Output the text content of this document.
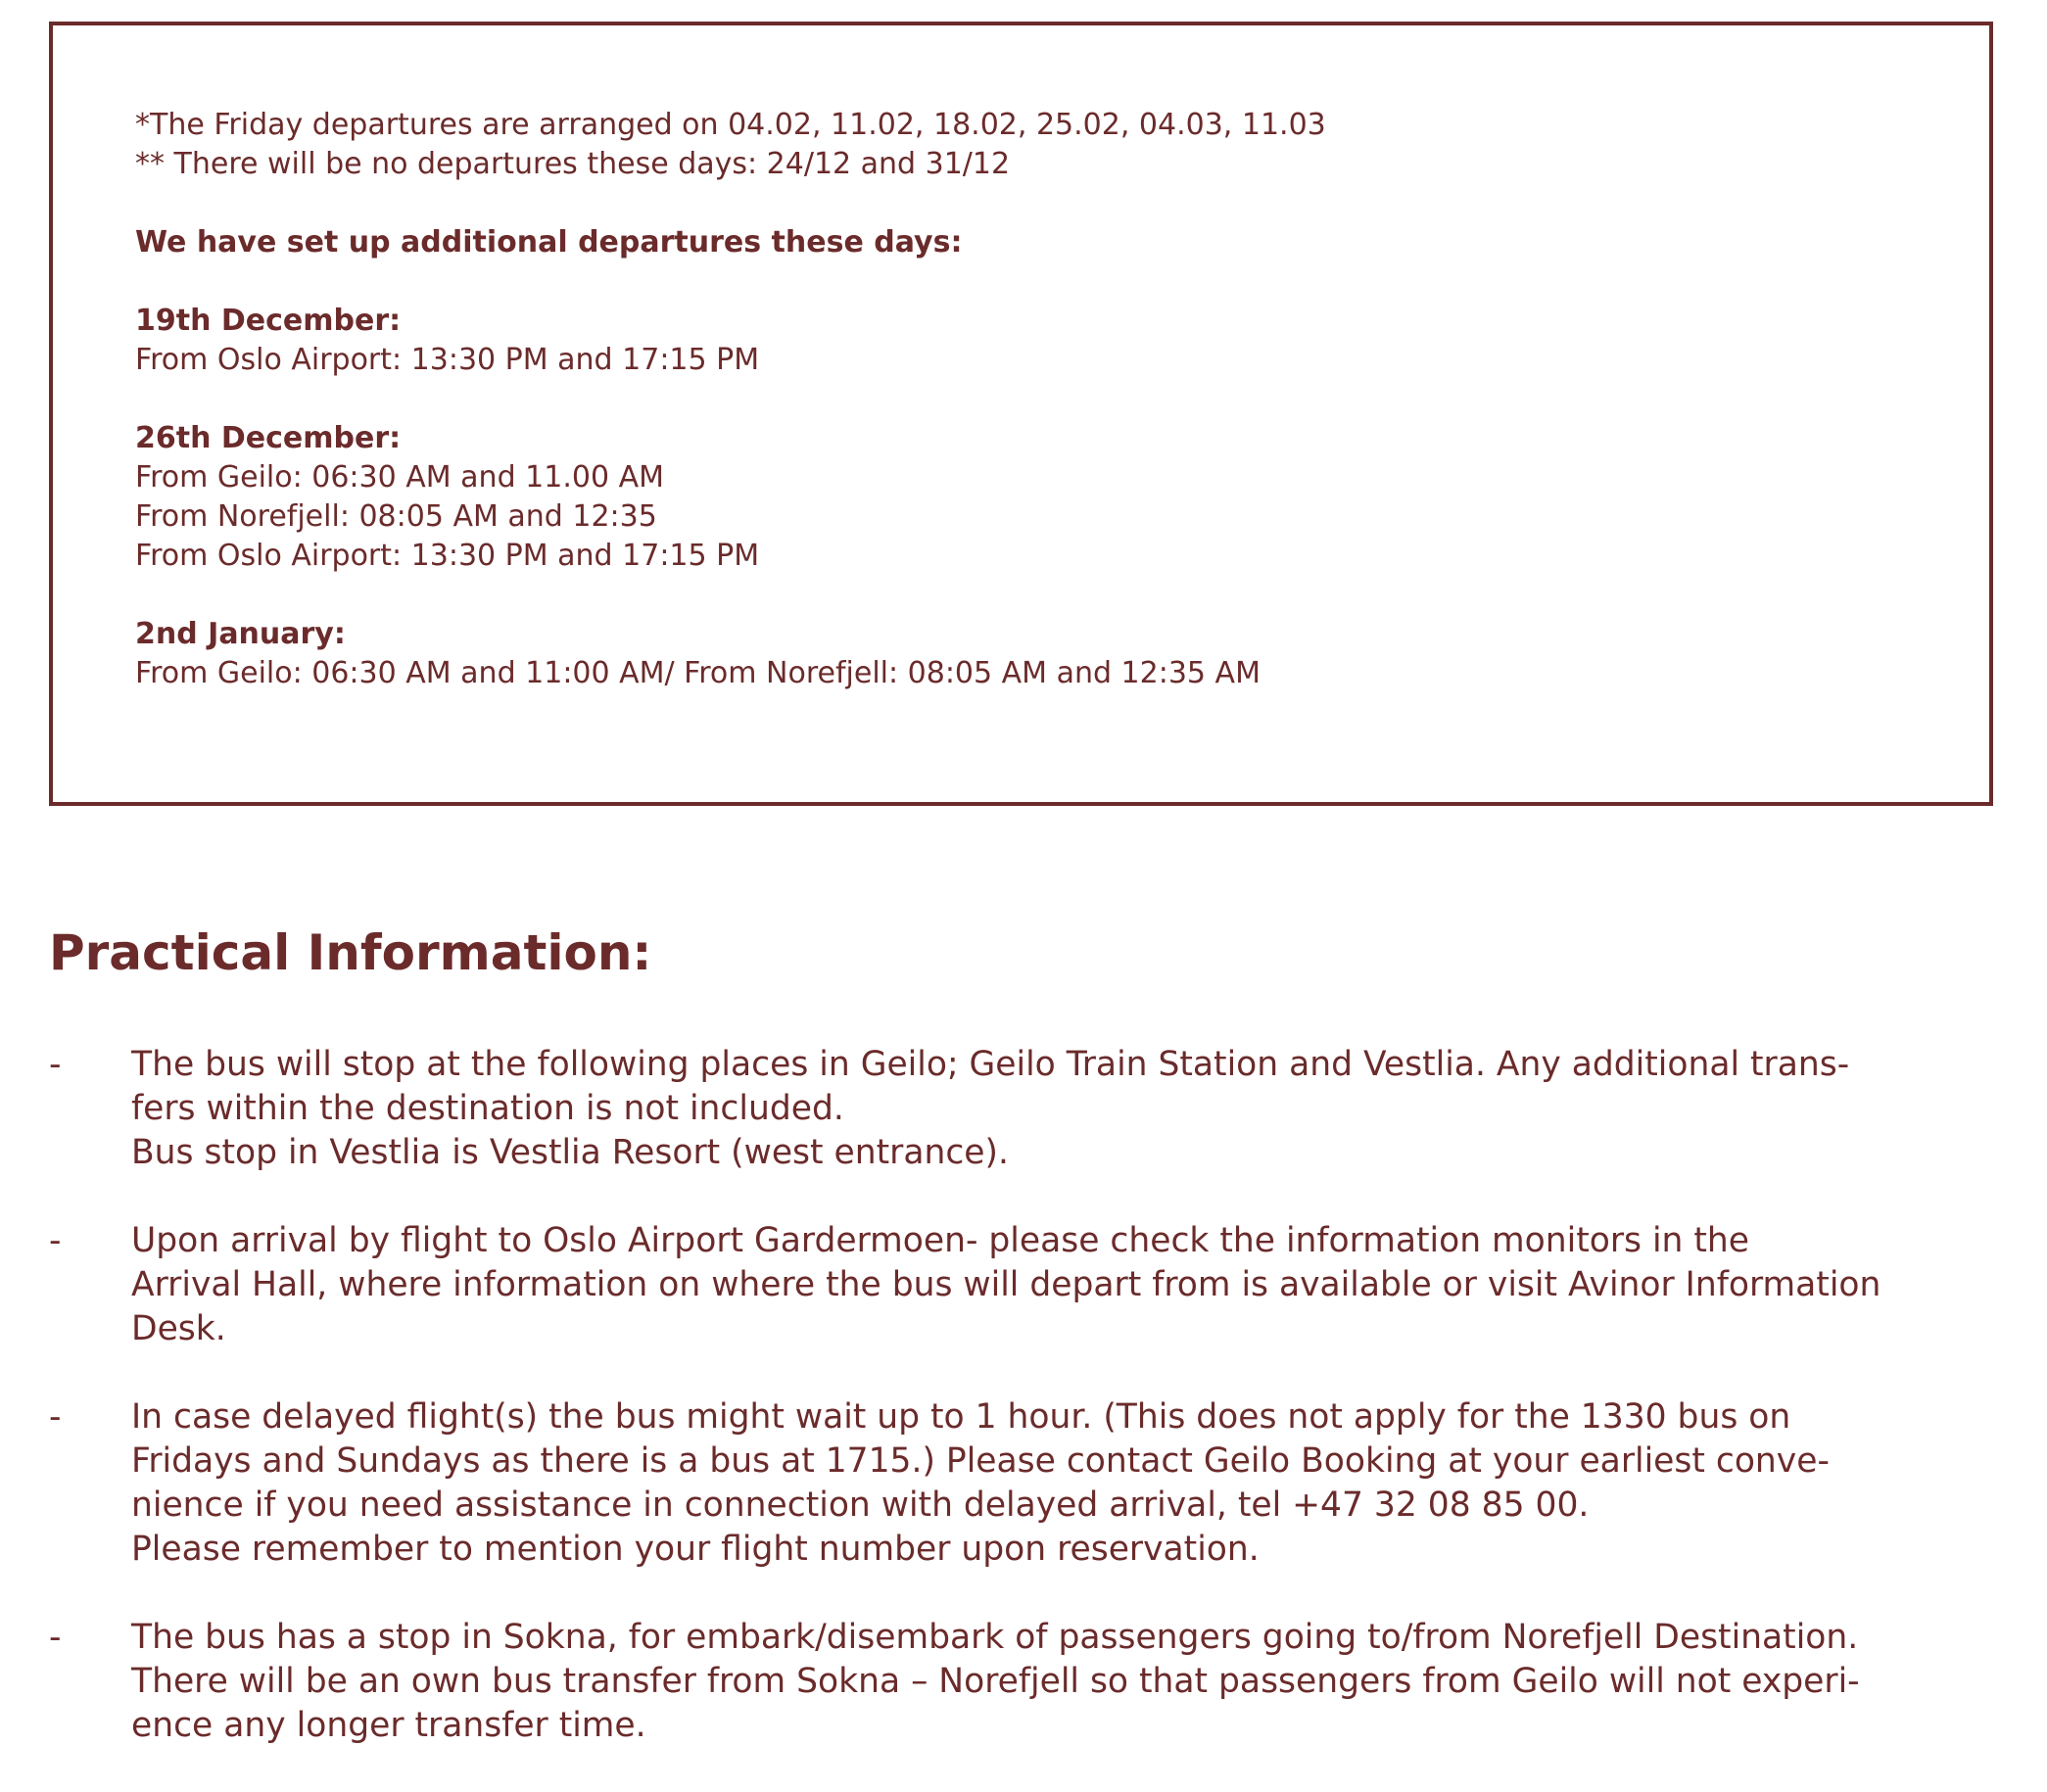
*The Friday departures are arranged on 04.02, 11.02, 18.02, 25.02, 04.03, 11.03
** There will be no departures these days: 24/12 and 31/12
We have set up additional departures these days:
19th December:
From Oslo Airport: 13:30 PM and 17:15 PM
26th December:
From Geilo: 06:30 AM and 11.00 AM
From Norefjell: 08:05 AM and 12:35
From Oslo Airport: 13:30 PM and 17:15 PM
2nd January:
From Geilo: 06:30 AM and 11:00 AM/ From Norefjell: 08:05 AM and 12:35 AM
Practical Information:
- The bus will stop at the following places in Geilo; Geilo Train Station and Vestlia. Any additional trans-
fers within the destination is not included.
Bus stop in Vestlia is Vestlia Resort (west entrance).
- Upon arrival by flight to Oslo Airport Gardermoen- please check the information monitors in the
Arrival Hall, where information on where the bus will depart from is available or visit Avinor Information
Desk.
- In case delayed flight(s) the bus might wait up to 1 hour. (This does not apply for the 1330 bus on
Fridays and Sundays as there is a bus at 1715.) Please contact Geilo Booking at your earliest conve-
nience if you need assistance in connection with delayed arrival, tel +47 32 08 85 00.
Please remember to mention your flight number upon reservation.
- The bus has a stop in Sokna, for embark/disembark of passengers going to/from Norefjell Destination.
There will be an own bus transfer from Sokna – Norefjell so that passengers from Geilo will not experi-
ence any longer transfer time.
